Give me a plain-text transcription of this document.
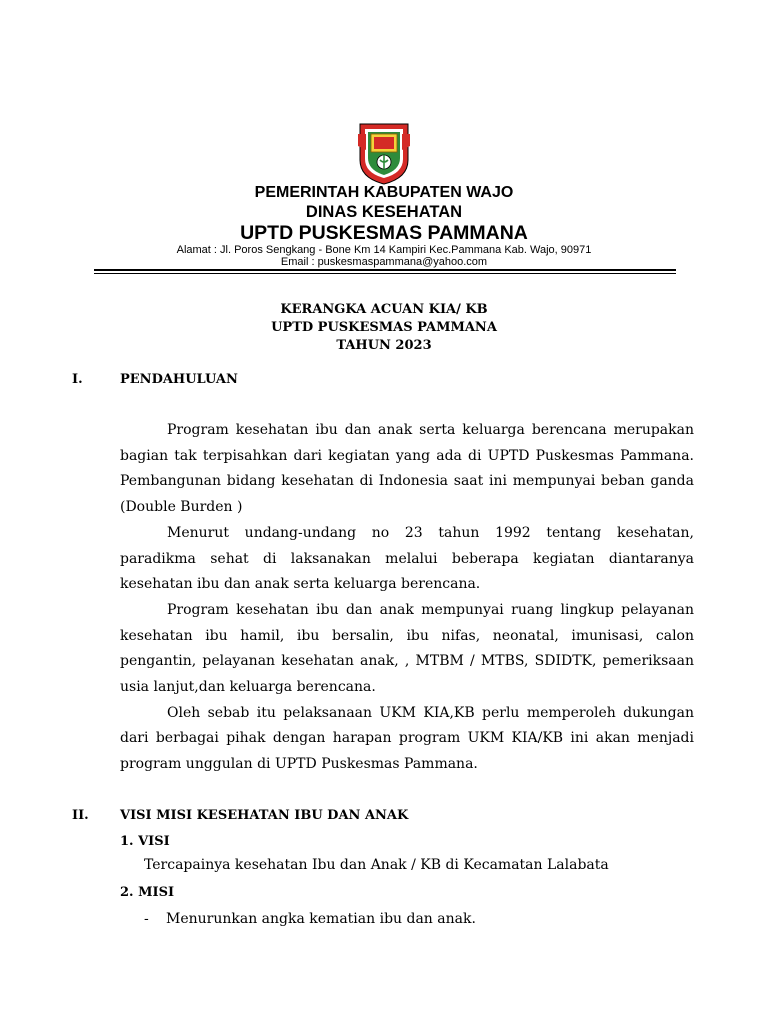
PEMERINTAH KABUPATEN WAJO
DINAS KESEHATAN
UPTD PUSKESMAS PAMMANA
Alamat : Jl. Poros Sengkang - Bone Km 14 Kampiri Kec.Pammana Kab. Wajo, 90971
Email : puskesmaspammana@yahoo.com
KERANGKA ACUAN KIA/ KB
UPTD PUSKESMAS PAMMANA
TAHUN 2023
I.	PENDAHULUAN

Program kesehatan ibu dan anak serta keluarga berencana merupakan bagian tak terpisahkan dari kegiatan yang ada di UPTD Puskesmas Pammana. Pembangunan bidang kesehatan di Indonesia saat ini mempunyai beban ganda (Double Burden )

Menurut undang-undang no 23 tahun 1992 tentang kesehatan, paradikma sehat di laksanakan melalui beberapa kegiatan diantaranya kesehatan ibu dan anak serta keluarga berencana.

Program kesehatan ibu dan anak mempunyai ruang lingkup pelayanan kesehatan ibu hamil, ibu bersalin, ibu nifas, neonatal, imunisasi, calon pengantin, pelayanan kesehatan anak, , MTBM / MTBS, SDIDTK, pemeriksaan usia lanjut,dan keluarga berencana.

Oleh sebab itu pelaksanaan UKM KIA,KB perlu memperoleh dukungan dari berbagai pihak dengan harapan program UKM KIA/KB ini akan menjadi program unggulan di UPTD Puskesmas Pammana.

II. VISI MISI KESEHATAN IBU DAN ANAK
1. VISI
Tercapainya kesehatan Ibu dan Anak / KB di Kecamatan Lalabata
2. MISI
- Menurunkan angka kematian ibu dan anak.
